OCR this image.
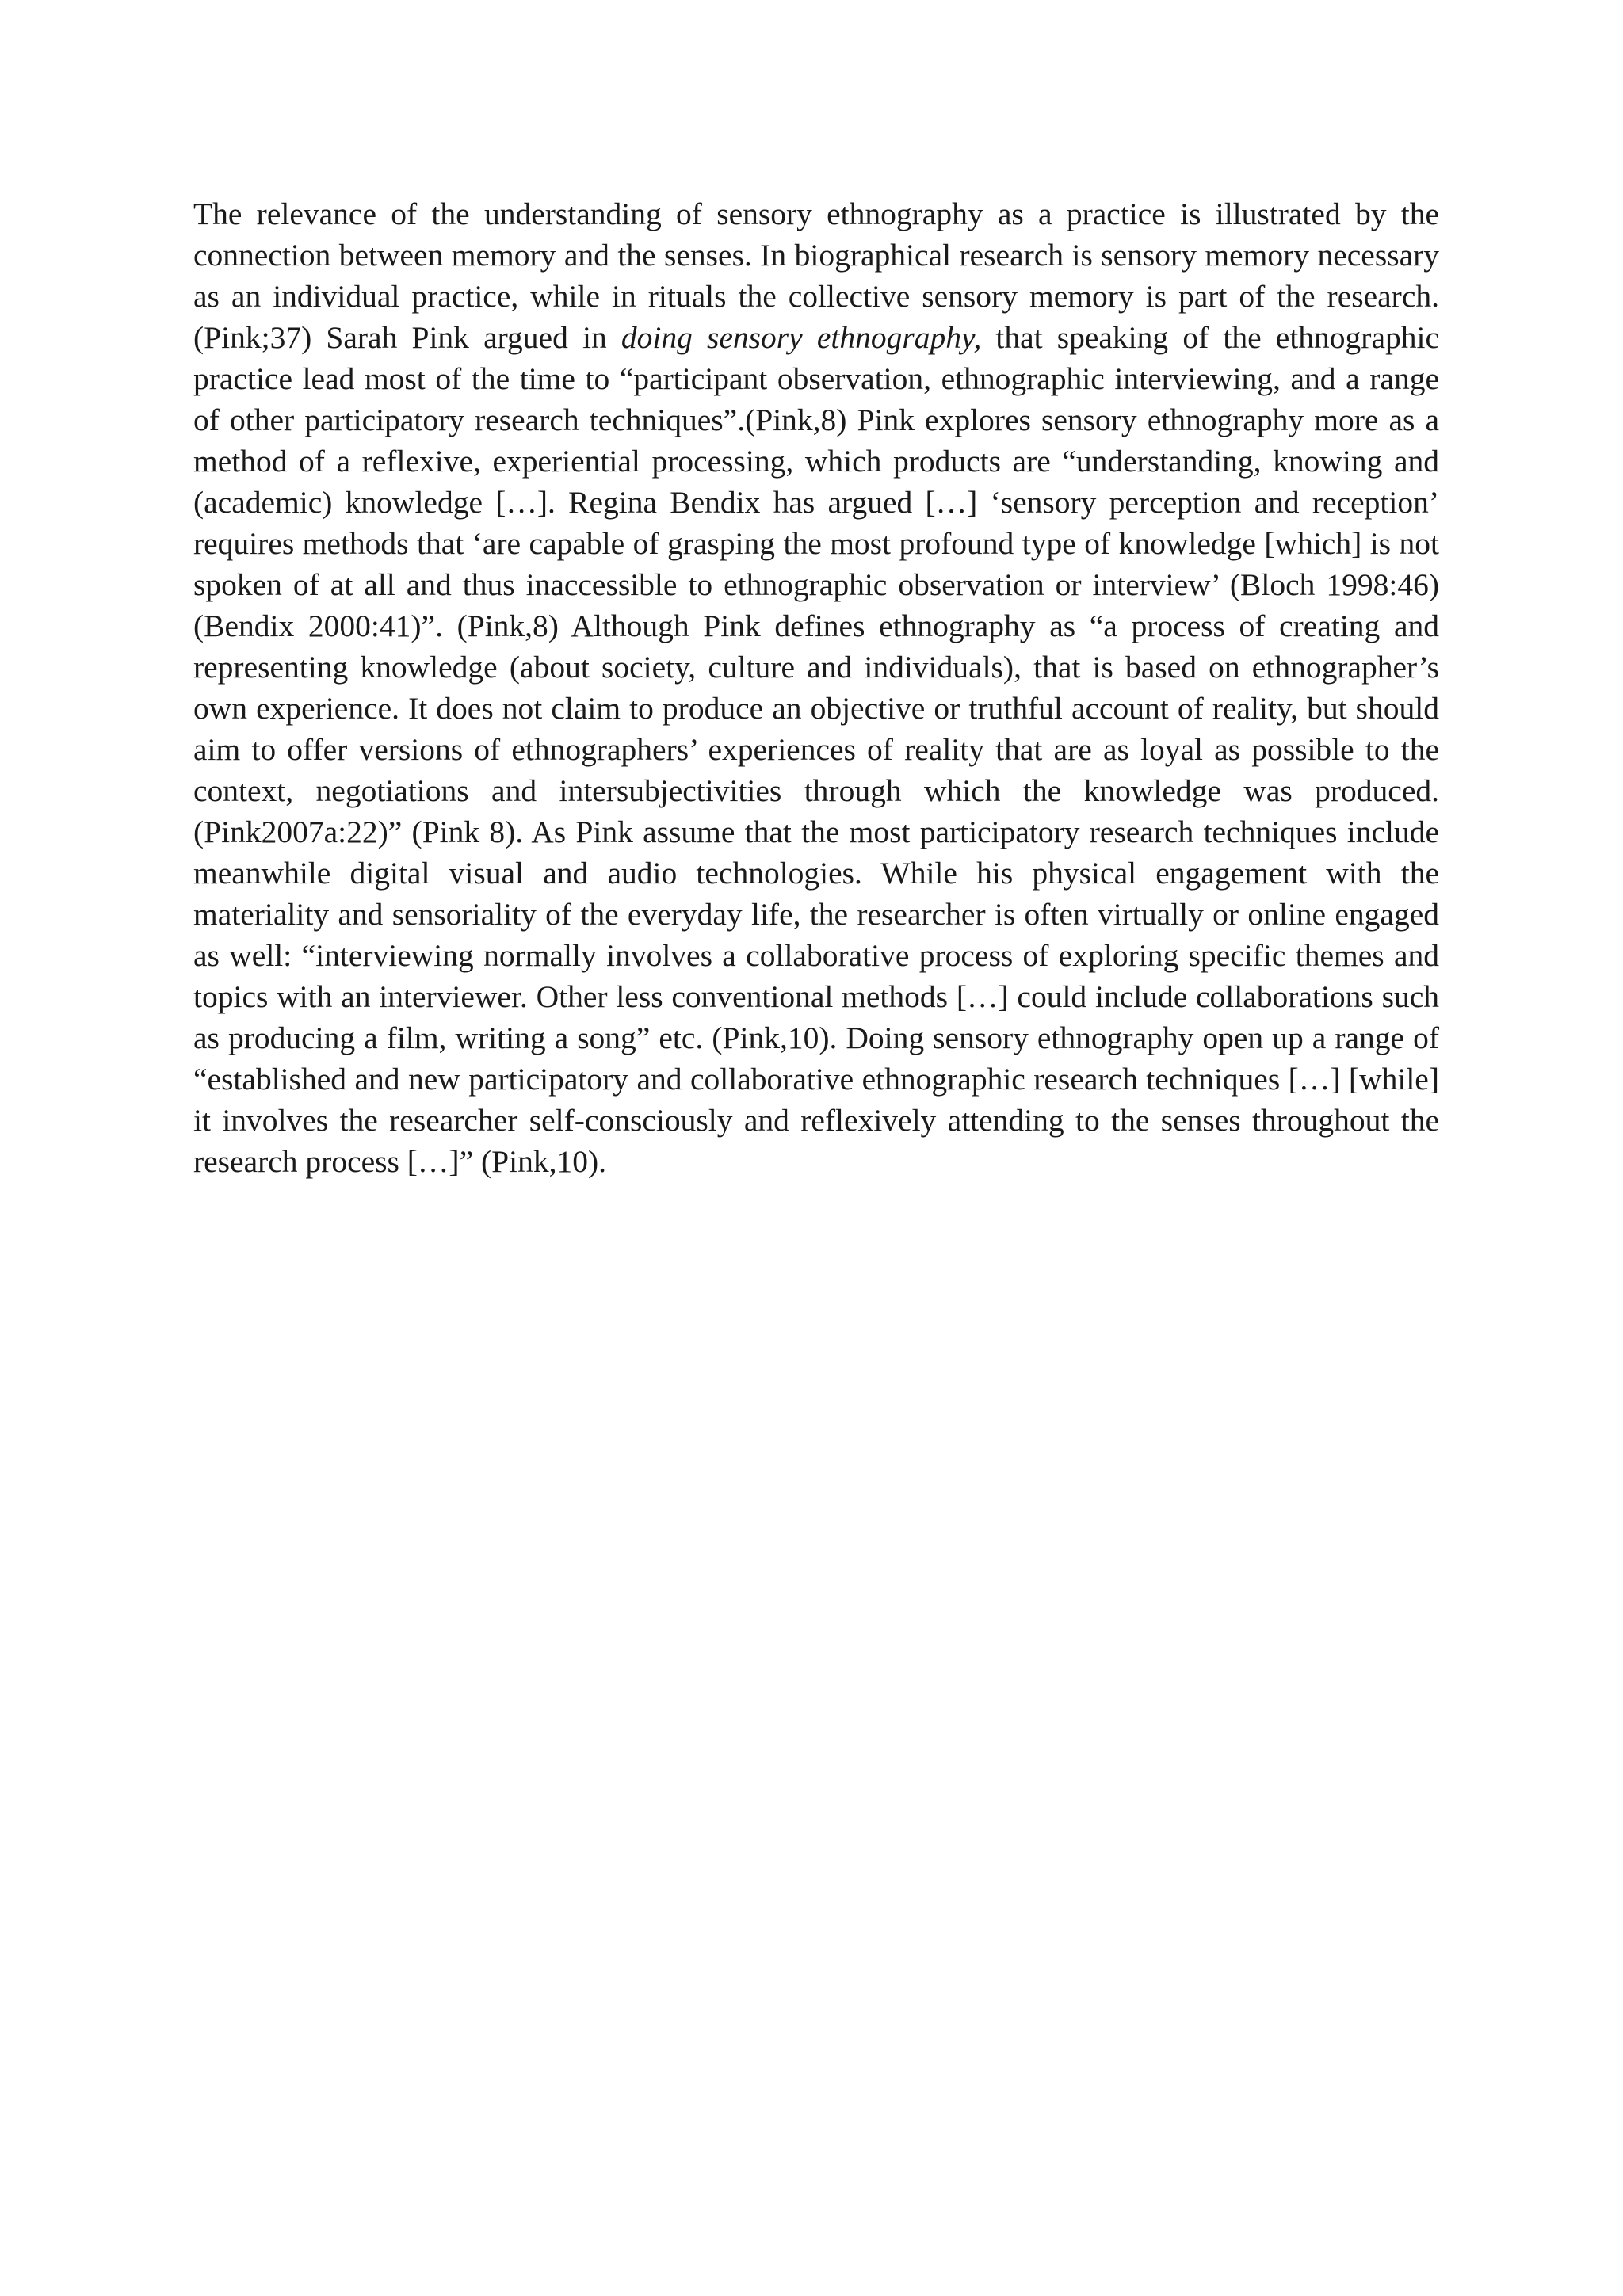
The relevance of the understanding of sensory ethnography as a practice is illustrated by the connection between memory and the senses. In biographical research is sensory memory necessary as an individual practice, while in rituals the collective sensory memory is part of the research. (Pink;37) Sarah Pink argued in doing sensory ethnography, that speaking of the ethnographic practice lead most of the time to “participant observation, ethnographic interviewing, and a range of other participatory research techniques”.(Pink,8) Pink explores sensory ethnography more as a method of a reflexive, experiential processing, which products are “understanding, knowing and (academic) knowledge […]. Regina Bendix has argued […] ‘sensory perception and reception’ requires methods that ‘are capable of grasping the most profound type of knowledge [which] is not spoken of at all and thus inaccessible to ethnographic observation or interview’ (Bloch 1998:46) (Bendix 2000:41)”. (Pink,8) Although Pink defines ethnography as “a process of creating and representing knowledge (about society, culture and individuals), that is based on ethnographer’s own experience. It does not claim to produce an objective or truthful account of reality, but should aim to offer versions of ethnographers’ experiences of reality that are as loyal as possible to the context, negotiations and intersubjectivities through which the knowledge was produced. (Pink2007a:22)” (Pink 8). As Pink assume that the most participatory research techniques include meanwhile digital visual and audio technologies. While his physical engagement with the materiality and sensoriality of the everyday life, the researcher is often virtually or online engaged as well: “interviewing normally involves a collaborative process of exploring specific themes and topics with an interviewer. Other less conventional methods […] could include collaborations such as producing a film, writing a song” etc. (Pink,10). Doing sensory ethnography open up a range of “established and new participatory and collaborative ethnographic research techniques […] [while] it involves the researcher self-consciously and reflexively attending to the senses throughout the research process […]” (Pink,10).
